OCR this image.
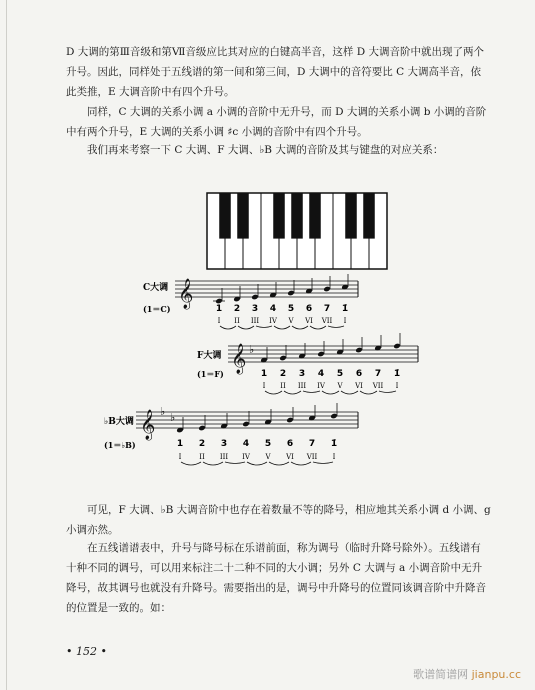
D 大调的第Ⅲ音级和第Ⅶ音级应比其对应的白键高半音，这样 D 大调音阶中就出现了两个
升号。因此，同样处于五线谱的第一间和第三间，D 大调中的音符要比 C 大调高半音，依
此类推，E 大调音阶中有四个升号。
同样，C 大调的关系小调 a 小调的音阶中无升号，而 D 大调的关系小调 b 小调的音阶
中有两个升号，E 大调的关系小调 ♯c 小调的音阶中有四个升号。
我们再来考察一下 C 大调、F 大调、♭B 大调的音阶及其与键盘的对应关系：
C大调
(1＝C) 𝄞 1
I
2
II
3
III
4
IV
5
V
6
VI
7
VII
1̇
I
F大调
(1＝F) 𝄞 ♭
1
I
2
II
3
III
4
IV
5
V
6
VI
7
VII
1̇
I
♭B大调
(1＝♭B)
𝄞 ♭ ♭
1
I
2
II
3
III
4
IV
5
V
6
VI
7
VII
1̇
I
可见，F 大调、♭B 大调音阶中也存在着数量不等的降号，相应地其关系小调 d 小调、g
小调亦然。
在五线谱谱表中，升号与降号标在乐谱前面，称为调号（临时升降号除外）。五线谱有
十种不同的调号，可以用来标注二十二种不同的大小调；另外 C 大调与 a 小调音阶中无升
降号，故其调号也就没有升降号。需要指出的是，调号中升降号的位置同该调音阶中升降音
的位置是一致的。如：
• 152 •
歌谱简谱网 jianpu.cc
